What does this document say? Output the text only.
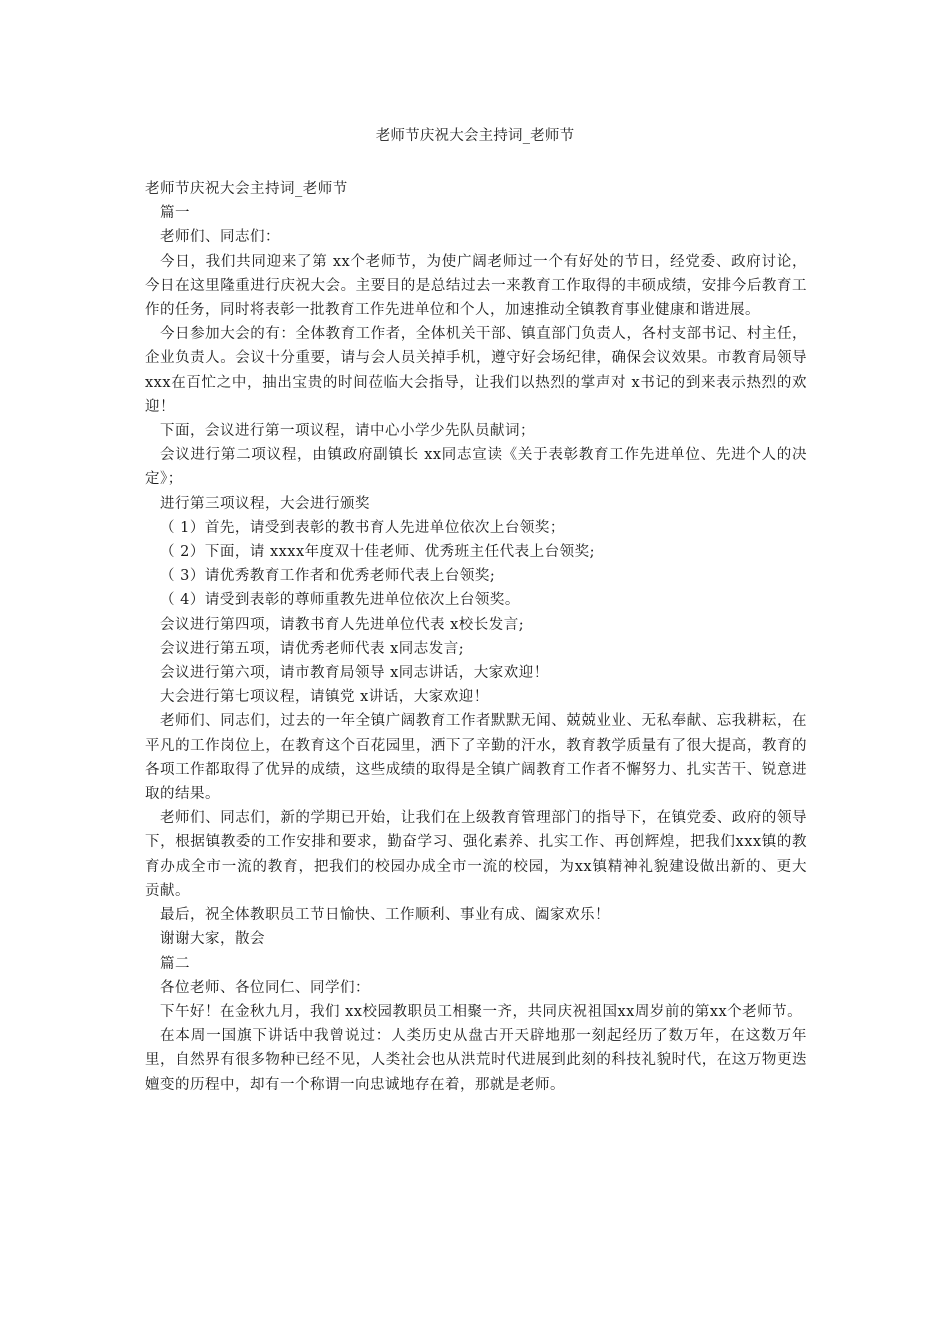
老师节庆祝大会主持词_老师节

老师节庆祝大会主持词_老师节

篇一

老师们、同志们：

今日，我们共同迎来了第 xx个老师节，为使广阔老师过一个有好处的节日，经党委、政府讨论，今日在这里隆重进行庆祝大会。主要目的是总结过去一来教育工作取得的丰硕成绩，安排今后教育工作的任务，同时将表彰一批教育工作先进单位和个人，加速推动全镇教育事业健康和谐进展。

今日参加大会的有：全体教育工作者，全体机关干部、镇直部门负责人，各村支部书记、村主任，企业负责人。会议十分重要，请与会人员关掉手机，遵守好会场纪律，确保会议效果。市教育局领导 xxx在百忙之中，抽出宝贵的时间莅临大会指导，让我们以热烈的掌声对 x书记的到来表示热烈的欢迎！

下面，会议进行第一项议程，请中心小学少先队员献词；

会议进行第二项议程，由镇政府副镇长 xx同志宣读《关于表彰教育工作先进单位、先进个人的决定》；

进行第三项议程，大会进行颁奖

（ 1）首先，请受到表彰的教书育人先进单位依次上台领奖；

（ 2）下面，请 xxxx年度双十佳老师、优秀班主任代表上台领奖;

（ 3）请优秀教育工作者和优秀老师代表上台领奖;

（ 4）请受到表彰的尊师重教先进单位依次上台领奖。

会议进行第四项，请教书育人先进单位代表 x校长发言;

会议进行第五项，请优秀老师代表 x同志发言;

会议进行第六项，请市教育局领导 x同志讲话，大家欢迎！

大会进行第七项议程，请镇党 x讲话，大家欢迎！

老师们、同志们，过去的一年全镇广阔教育工作者默默无闻、兢兢业业、无私奉献、忘我耕耘，在平凡的工作岗位上，在教育这个百花园里，洒下了辛勤的汗水，教育教学质量有了很大提高，教育的各项工作都取得了优异的成绩，这些成绩的取得是全镇广阔教育工作者不懈努力、扎实苦干、锐意进取的结果。

老师们、同志们，新的学期已开始，让我们在上级教育管理部门的指导下，在镇党委、政府的领导下，根据镇教委的工作安排和要求，勤奋学习、强化素养、扎实工作、再创辉煌，把我们xxx镇的教育办成全市一流的教育，把我们的校园办成全市一流的校园，为xx镇精神礼貌建设做出新的、更大贡献。

最后，祝全体教职员工节日愉快、工作顺利、事业有成、阖家欢乐！

谢谢大家，散会

篇二

各位老师、各位同仁、同学们：

下午好！在金秋九月，我们 xx校园教职员工相聚一齐，共同庆祝祖国xx周岁前的第xx个老师节。

在本周一国旗下讲话中我曾说过：人类历史从盘古开天辟地那一刻起经历了数万年，在这数万年里，自然界有很多物种已经不见，人类社会也从洪荒时代进展到此刻的科技礼貌时代，在这万物更迭嬗变的历程中，却有一个称谓一向忠诚地存在着，那就是老师。
